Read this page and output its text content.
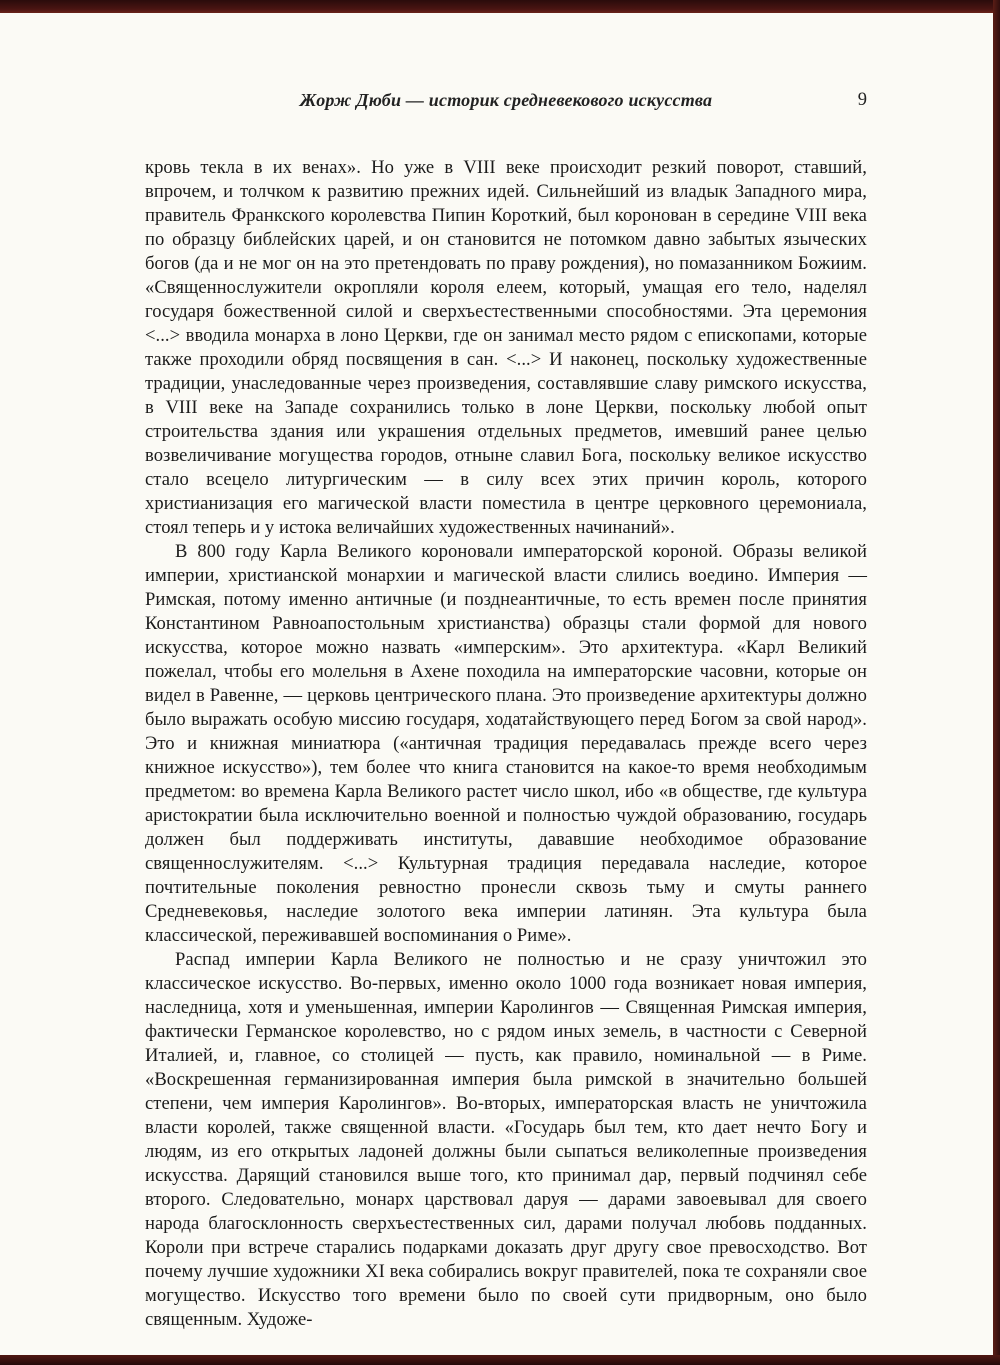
Жорж Дюби — историк средневекового искусства	9

кровь текла в их венах». Но уже в VIII веке происходит резкий поворот, ставший, впрочем, и толчком к развитию прежних идей. Сильнейший из владык Западного мира, правитель Франкского королевства Пипин Короткий, был коронован в середине VIII века по образцу библейских царей, и он становится не потомком давно забытых языческих богов (да и не мог он на это претендовать по праву рождения), но помазанником Божиим. «Священнослужители окропляли короля елеем, который, умащая его тело, наделял государя божественной силой и сверхъестественными способностями. Эта церемония <...> вводила монарха в лоно Церкви, где он занимал место рядом с епископами, которые также проходили обряд посвящения в сан. <...> И наконец, поскольку художественные традиции, унаследованные через произведения, составлявшие славу римского искусства, в VIII веке на Западе сохранились только в лоне Церкви, поскольку любой опыт строительства здания или украшения отдельных предметов, имевший ранее целью возвеличивание могущества городов, отныне славил Бога, поскольку великое искусство стало всецело литургическим — в силу всех этих причин король, которого христианизация его магической власти поместила в центре церковного церемониала, стоял теперь и у истока величайших художественных начинаний».

В 800 году Карла Великого короновали императорской короной. Образы великой империи, христианской монархии и магической власти слились воедино. Империя — Римская, потому именно античные (и позднеантичные, то есть времен после принятия Константином Равноапостольным христианства) образцы стали формой для нового искусства, которое можно назвать «имперским». Это архитектура. «Карл Великий пожелал, чтобы его молельня в Ахене походила на императорские часовни, которые он видел в Равенне, — церковь центрического плана. Это произведение архитектуры должно было выражать особую миссию государя, ходатайствующего перед Богом за свой народ». Это и книжная миниатюра («античная традиция передавалась прежде всего через книжное искусство»), тем более что книга становится на какое-то время необходимым предметом: во времена Карла Великого растет число школ, ибо «в обществе, где культура аристократии была исключительно военной и полностью чуждой образованию, государь должен был поддерживать институты, дававшие необходимое образование священнослужителям. <...> Культурная традиция передавала наследие, которое почтительные поколения ревностно пронесли сквозь тьму и смуты раннего Средневековья, наследие золотого века империи латинян. Эта культура была классической, переживавшей воспоминания о Риме».

Распад империи Карла Великого не полностью и не сразу уничтожил это классическое искусство. Во-первых, именно около 1000 года возникает новая империя, наследница, хотя и уменьшенная, империи Каролингов — Священная Римская империя, фактически Германское королевство, но с рядом иных земель, в частности с Северной Италией, и, главное, со столицей — пусть, как правило, номинальной — в Риме. «Воскрешенная германизированная империя была римской в значительно большей степени, чем империя Каролингов». Во-вторых, императорская власть не уничтожила власти королей, также священной власти. «Государь был тем, кто дает нечто Богу и людям, из его открытых ладоней должны были сыпаться великолепные произведения искусства. Дарящий становился выше того, кто принимал дар, первый подчинял себе второго. Следовательно, монарх царствовал даруя — дарами завоевывал для своего народа благосклонность сверхъестественных сил, дарами получал любовь подданных. Короли при встрече старались подарками доказать друг другу свое превосходство. Вот почему лучшие художники XI века собирались вокруг правителей, пока те сохраняли свое могущество. Искусство того времени было по своей сути придворным, оно было священным. Художе-
